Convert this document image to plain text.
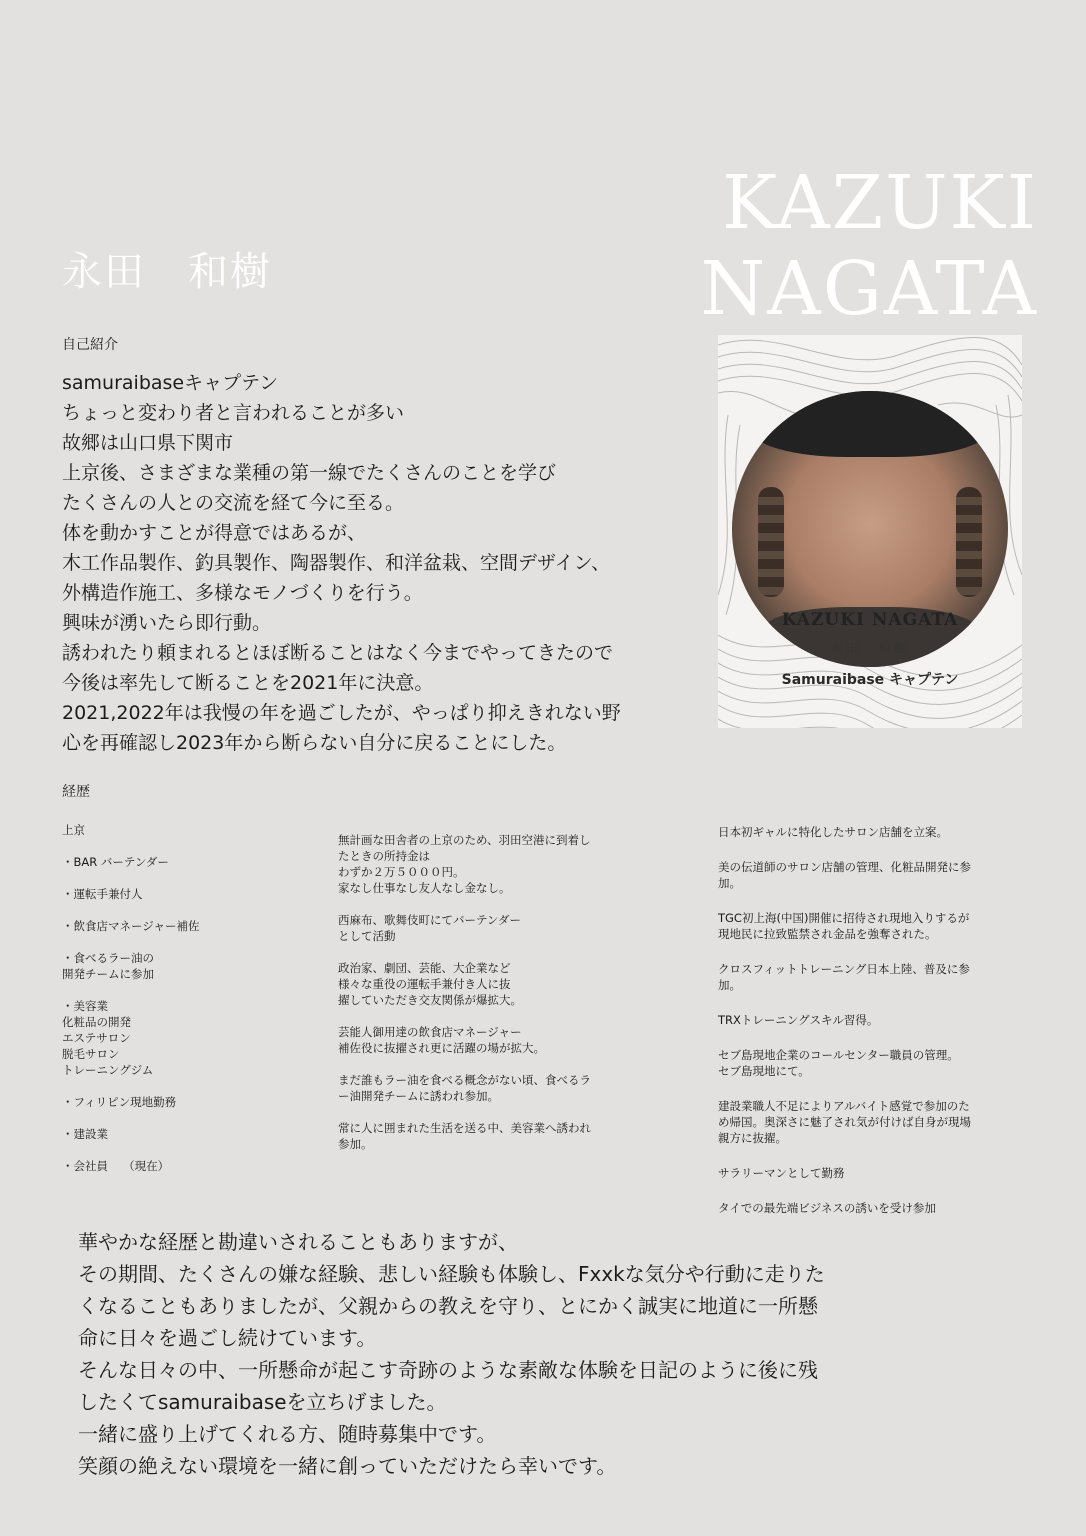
永田　和樹
KAZUKI
NAGATA
自己紹介
samuraibaseキャプテン
ちょっと変わり者と言われることが多い
故郷は山口県下関市
上京後、さまざまな業種の第一線でたくさんのことを学び
たくさんの人との交流を経て今に至る。
体を動かすことが得意ではあるが、
木工作品製作、釣具製作、陶器製作、和洋盆栽、空間デザイン、
外構造作施工、多様なモノづくりを行う。
興味が湧いたら即行動。
誘われたり頼まれるとほぼ断ることはなく今までやってきたので
今後は率先して断ることを2021年に決意。
2021,2022年は我慢の年を過ごしたが、やっぱり抑えきれない野
心を再確認し2023年から断らない自分に戻ることにした。
KAZUKI NAGATA
永田　和樹
Samuraibase キャプテン
経歴
上京
・BAR バーテンダー
・運転手兼付人
・飲食店マネージャー補佐
・食べるラー油の
開発チームに参加
・美容業
化粧品の開発
エステサロン
脱毛サロン
トレーニングジム
・フィリピン現地勤務
・建設業
・会社員　 （現在）
無計画な田舎者の上京のため、羽田空港に到着し
たときの所持金は
わずか２万５０００円。
家なし仕事なし友人なし金なし。
西麻布、歌舞伎町にてバーテンダー
として活動
政治家、劇団、芸能、大企業など
様々な重役の運転手兼付き人に抜
擢していただき交友関係が爆拡大。
芸能人御用達の飲食店マネージャー
補佐役に抜擢され更に活躍の場が拡大。
まだ誰もラー油を食べる概念がない頃、食べるラ
ー油開発チームに誘われ参加。
常に人に囲まれた生活を送る中、美容業へ誘われ
参加。
日本初ギャルに特化したサロン店舗を立案。
美の伝道師のサロン店舗の管理、化粧品開発に参
加。
TGC初上海(中国)開催に招待され現地入りするが
現地民に拉致監禁され金品を強奪された。
クロスフィットトレーニング日本上陸、普及に参
加。
TRXトレーニングスキル習得。
セブ島現地企業のコールセンター職員の管理。
セブ島現地にて。
建設業職人不足によりアルバイト感覚で参加のた
め帰国。奥深さに魅了され気が付けば自身が現場
親方に抜擢。
サラリーマンとして勤務
タイでの最先端ビジネスの誘いを受け参加
華やかな経歴と勘違いされることもありますが、
その期間、たくさんの嫌な経験、悲しい経験も体験し、Fxxkな気分や行動に走りた
くなることもありましたが、父親からの教えを守り、とにかく誠実に地道に一所懸
命に日々を過ごし続けています。
そんな日々の中、一所懸命が起こす奇跡のような素敵な体験を日記のように後に残
したくてsamuraibaseを立ちげました。
一緒に盛り上げてくれる方、随時募集中です。
笑顔の絶えない環境を一緒に創っていただけたら幸いです。
